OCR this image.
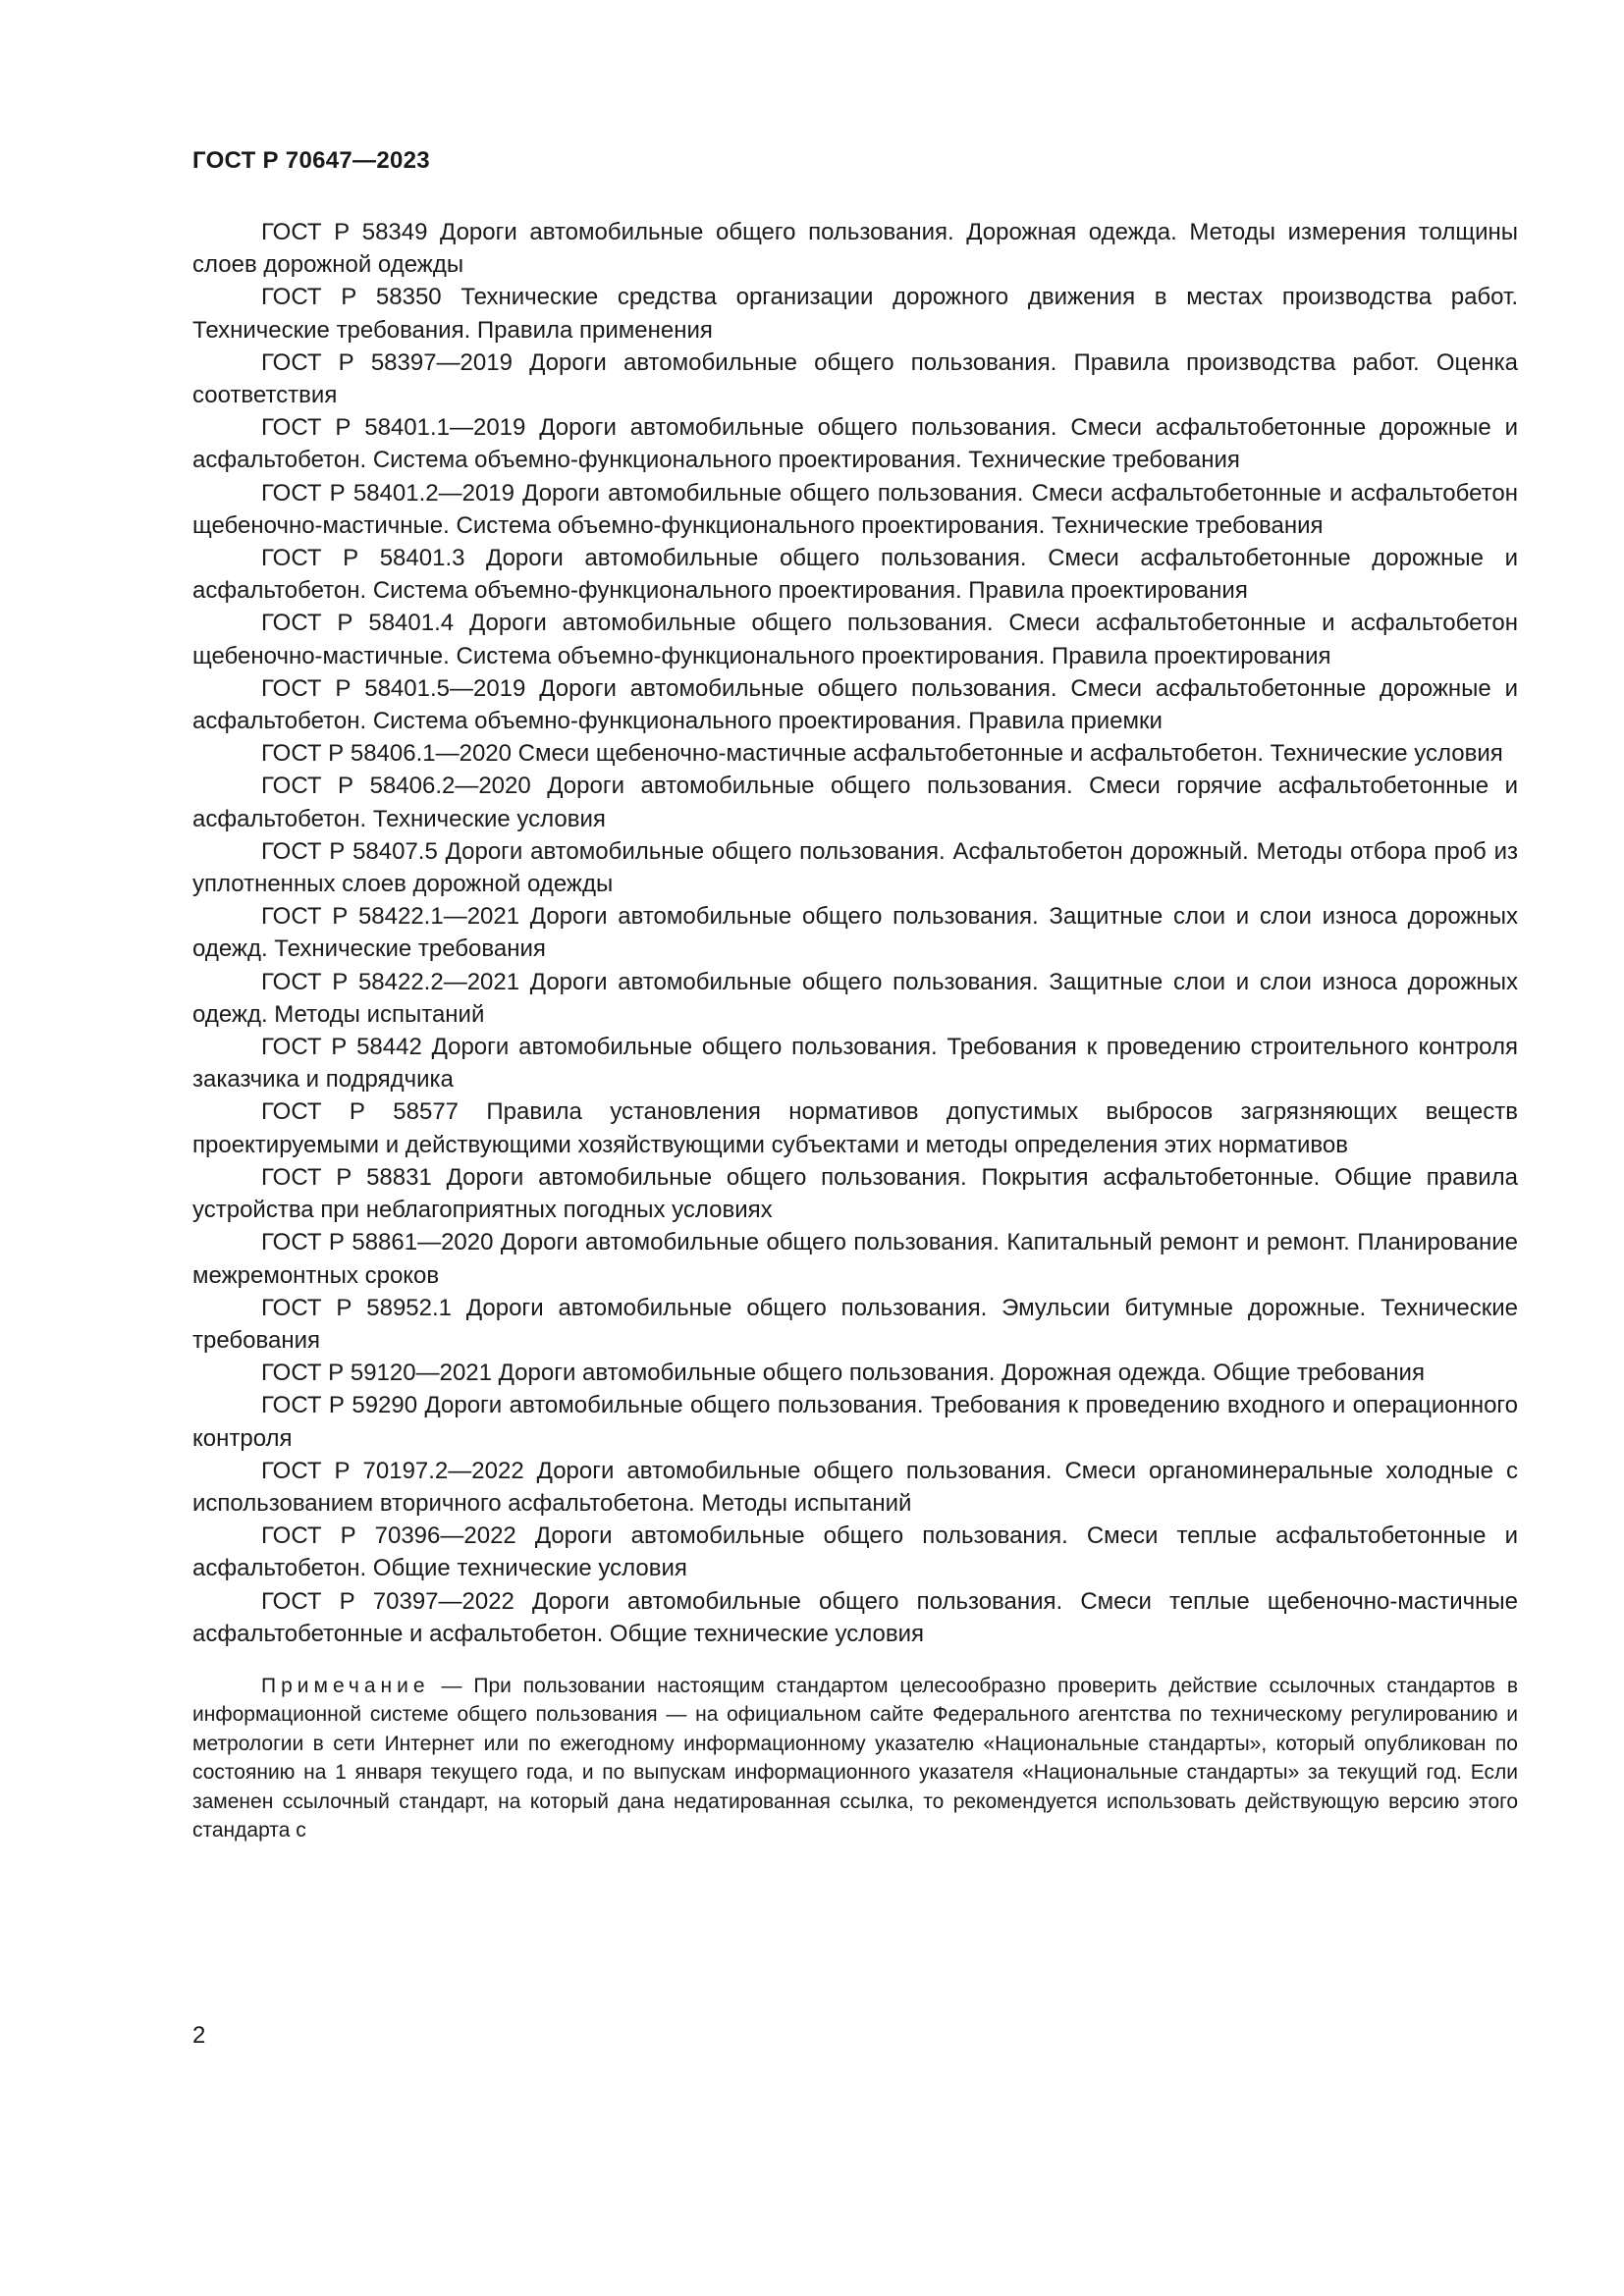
ГОСТ Р 70647—2023

ГОСТ Р 58349 Дороги автомобильные общего пользования. Дорожная одежда. Методы измерения толщины слоев дорожной одежды

ГОСТ Р 58350 Технические средства организации дорожного движения в местах производства работ. Технические требования. Правила применения

ГОСТ Р 58397—2019 Дороги автомобильные общего пользования. Правила производства работ. Оценка соответствия

ГОСТ Р 58401.1—2019 Дороги автомобильные общего пользования. Смеси асфальтобетонные дорожные и асфальтобетон. Система объемно-функционального проектирования. Технические требования

ГОСТ Р 58401.2—2019 Дороги автомобильные общего пользования. Смеси асфальтобетонные и асфальтобетон щебеночно-мастичные. Система объемно-функционального проектирования. Технические требования

ГОСТ Р 58401.3 Дороги автомобильные общего пользования. Смеси асфальтобетонные дорожные и асфальтобетон. Система объемно-функционального проектирования. Правила проектирования

ГОСТ Р 58401.4 Дороги автомобильные общего пользования. Смеси асфальтобетонные и асфальтобетон щебеночно-мастичные. Система объемно-функционального проектирования. Правила проектирования

ГОСТ Р 58401.5—2019 Дороги автомобильные общего пользования. Смеси асфальтобетонные дорожные и асфальтобетон. Система объемно-функционального проектирования. Правила приемки

ГОСТ Р 58406.1—2020 Смеси щебеночно-мастичные асфальтобетонные и асфальтобетон. Технические условия

ГОСТ Р 58406.2—2020 Дороги автомобильные общего пользования. Смеси горячие асфальтобетонные и асфальтобетон. Технические условия

ГОСТ Р 58407.5 Дороги автомобильные общего пользования. Асфальтобетон дорожный. Методы отбора проб из уплотненных слоев дорожной одежды

ГОСТ Р 58422.1—2021 Дороги автомобильные общего пользования. Защитные слои и слои износа дорожных одежд. Технические требования

ГОСТ Р 58422.2—2021 Дороги автомобильные общего пользования. Защитные слои и слои износа дорожных одежд. Методы испытаний

ГОСТ Р 58442 Дороги автомобильные общего пользования. Требования к проведению строительного контроля заказчика и подрядчика

ГОСТ Р 58577 Правила установления нормативов допустимых выбросов загрязняющих веществ проектируемыми и действующими хозяйствующими субъектами и методы определения этих нормативов

ГОСТ Р 58831 Дороги автомобильные общего пользования. Покрытия асфальтобетонные. Общие правила устройства при неблагоприятных погодных условиях

ГОСТ Р 58861—2020 Дороги автомобильные общего пользования. Капитальный ремонт и ремонт. Планирование межремонтных сроков

ГОСТ Р 58952.1 Дороги автомобильные общего пользования. Эмульсии битумные дорожные. Технические требования

ГОСТ Р 59120—2021 Дороги автомобильные общего пользования. Дорожная одежда. Общие требования

ГОСТ Р 59290 Дороги автомобильные общего пользования. Требования к проведению входного и операционного контроля

ГОСТ Р 70197.2—2022 Дороги автомобильные общего пользования. Смеси органоминеральные холодные с использованием вторичного асфальтобетона. Методы испытаний

ГОСТ Р 70396—2022 Дороги автомобильные общего пользования. Смеси теплые асфальтобетонные и асфальтобетон. Общие технические условия

ГОСТ Р 70397—2022 Дороги автомобильные общего пользования. Смеси теплые щебеночно-мастичные асфальтобетонные и асфальтобетон. Общие технические условия

Примечание — При пользовании настоящим стандартом целесообразно проверить действие ссылочных стандартов в информационной системе общего пользования — на официальном сайте Федерального агентства по техническому регулированию и метрологии в сети Интернет или по ежегодному информационному указателю «Национальные стандарты», который опубликован по состоянию на 1 января текущего года, и по выпускам информационного указателя «Национальные стандарты» за текущий год. Если заменен ссылочный стандарт, на который дана недатированная ссылка, то рекомендуется использовать действующую версию этого стандарта с

2
